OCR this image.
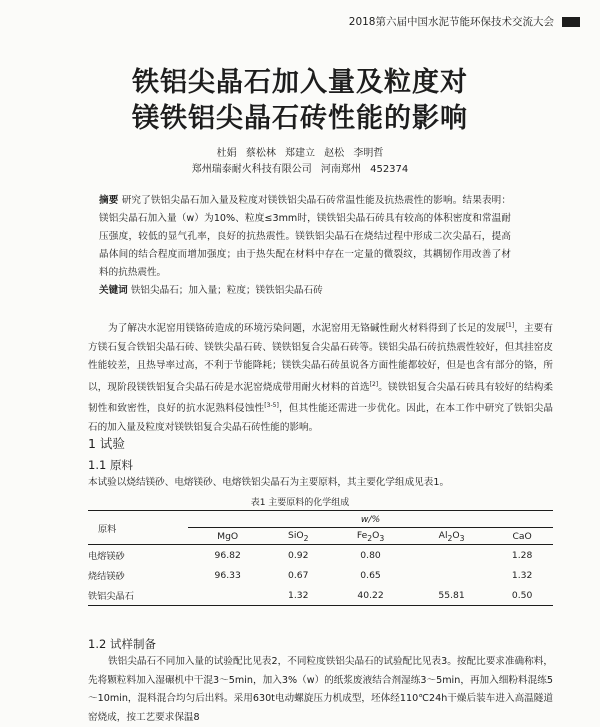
2018第六届中国水泥节能环保技术交流大会
铁铝尖晶石加入量及粒度对
镁铁铝尖晶石砖性能的影响
杜娟 蔡松林 郑建立 赵松 李明哲
郑州瑞泰耐火科技有限公司 河南郑州 452374
摘要 研究了铁铝尖晶石加入量及粒度对镁铁铝尖晶石砖常温性能及抗热震性的影响。结果表明：镁铝尖晶石加入量（w）为10%、粒度≤3mm时，镁铁铝尖晶石砖具有较高的体积密度和常温耐压强度，较低的显气孔率，良好的抗热震性。镁铁铝尖晶石在烧结过程中形成二次尖晶石，提高晶体间的结合程度而增加强度；由于热失配在材料中存在一定量的微裂纹，其耦韧作用改善了材料的抗热震性。
关键词 铁铝尖晶石；加入量；粒度；镁铁铝尖晶石砖
为了解决水泥窑用镁铬砖造成的环境污染问题，水泥窑用无铬碱性耐火材料得到了长足的发展[1]，主要有方镁石复合铁铝尖晶石砖、镁铁尖晶石砖、镁铁铝复合尖晶石砖等。镁铝尖晶石砖抗热震性较好，但其挂窑皮性能较差，且热导率过高，不利于节能降耗；镁铁尖晶石砖虽说各方面性能都较好，但是也含有部分的铬，所以，现阶段镁铁铝复合尖晶石砖是水泥窑烧成带用耐火材料的首选[2]。镁铁铝复合尖晶石砖具有较好的结构柔韧性和致密性，良好的抗水泥熟料侵蚀性[3-5]，但其性能还需进一步优化。因此，在本工作中研究了铁铝尖晶石的加入量及粒度对镁铁铝复合尖晶石砖性能的影响。
1 试验
1.1 原料
本试验以烧结镁砂、电熔镁砂、电熔铁铝尖晶石为主要原料，其主要化学组成见表1。
表1 主要原料的化学组成
原料	w/%				
	MgO	SiO$_2$	$Fe_2O_3$	$Al_2O_3$	CaO
电熔镁砂	96.82	0.92	0.80		1.28
烧结镁砂	96.33	0.67	0.65		1.32
铁铝尖晶石		1.32	40.22	55.81	0.50
1.2 试样制备
铁铝尖晶石不同加入量的试验配比见表2，不同粒度铁铝尖晶石的试验配比见表3。按配比要求准确称料，先将颗粒料加入湿碾机中干混3～5min，加入3%（w）的纸浆废液结合剂湿练3～5min，再加入细粉料混练5～10min，混料混合均匀后出料。采用630t电动螺旋压力机成型，坯体经110℃24h干燥后装车进入高温隧道窑烧成，按工艺要求保温8
